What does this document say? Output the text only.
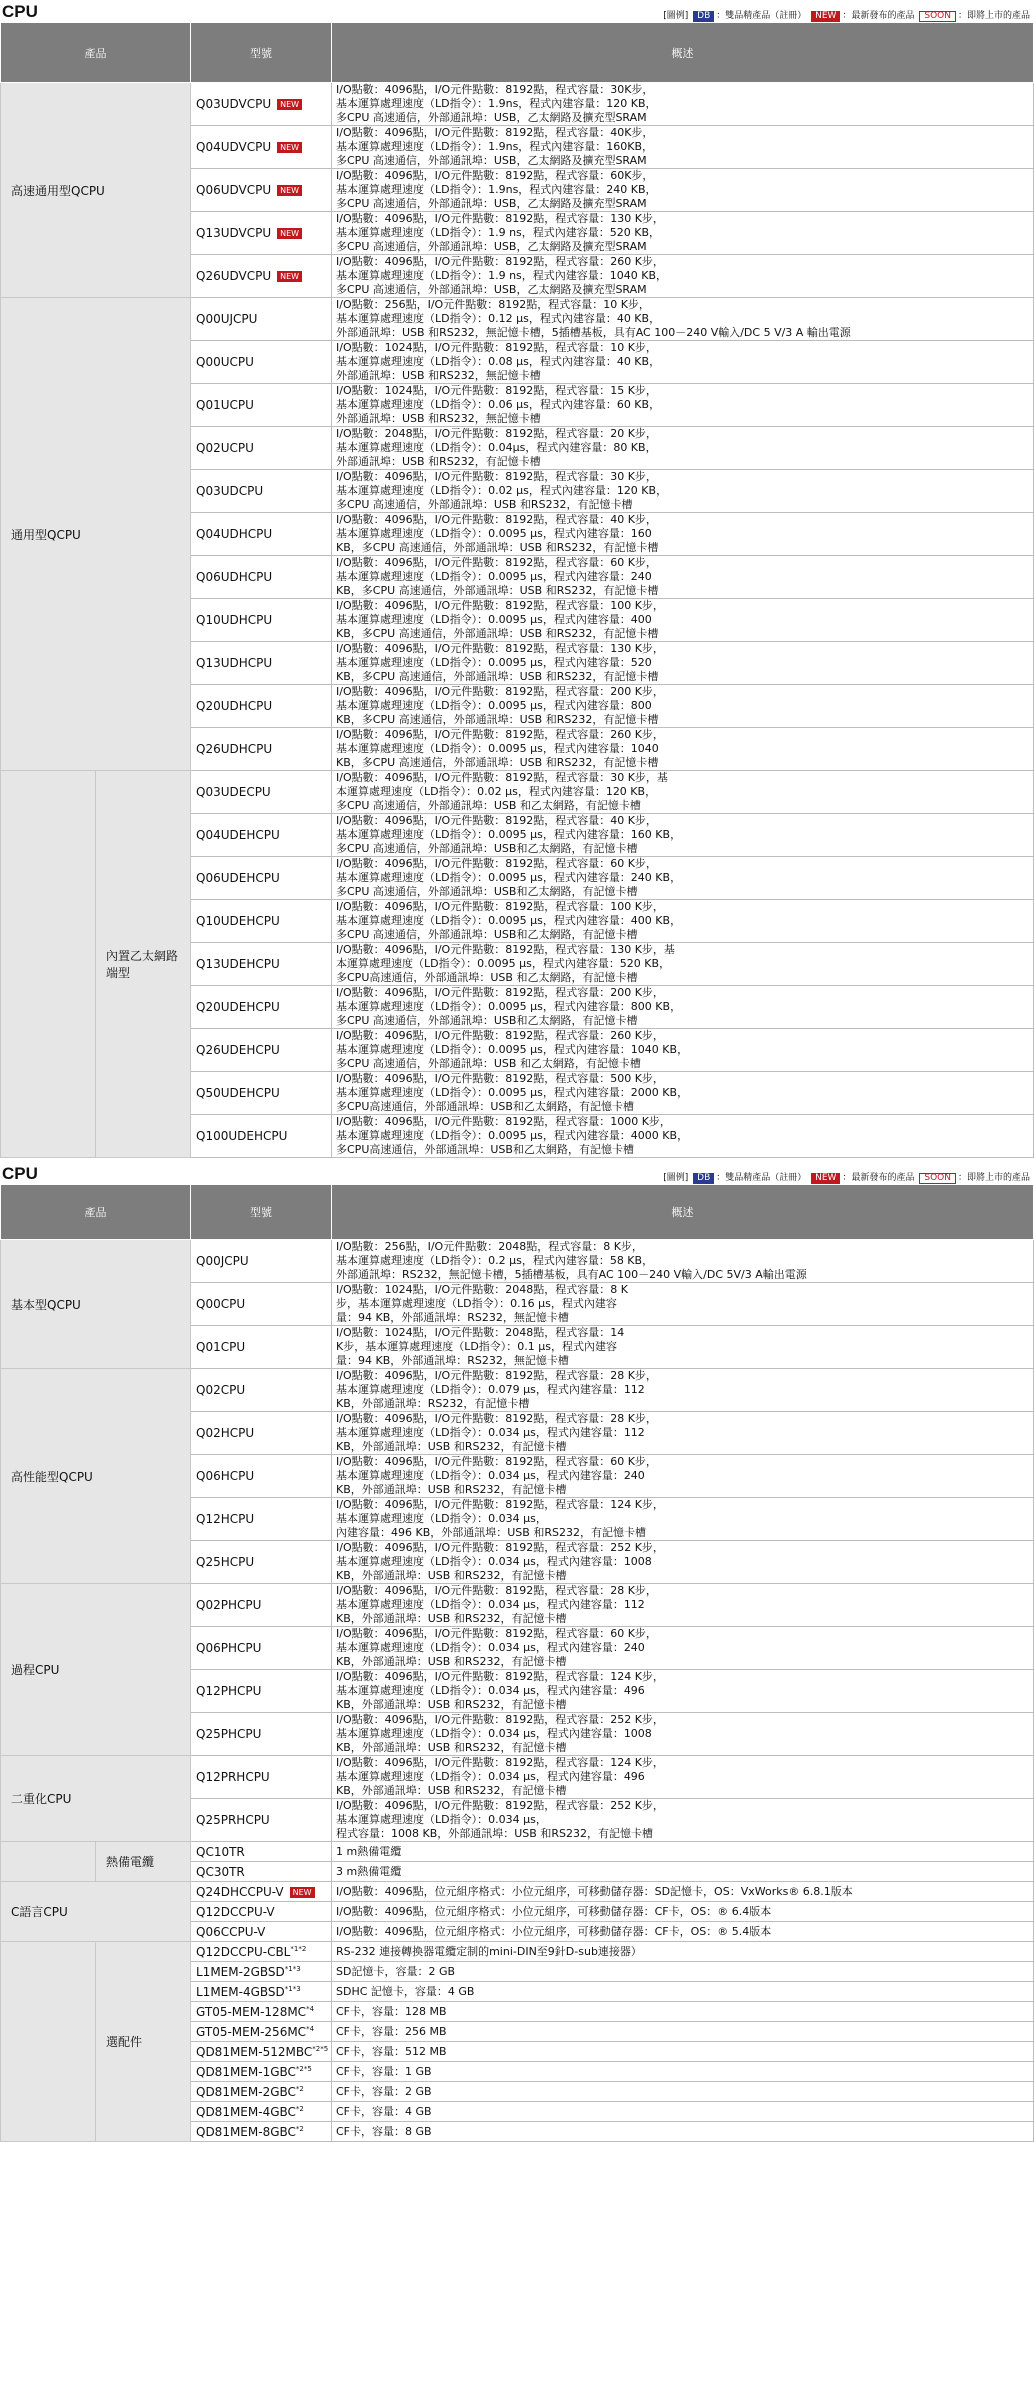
CPU	[圖例] DB ：雙品精產品（註冊） NEW ：最新發布的產品 SOON ：即將上市的產品
產品		型號	概述
高速通用型QCPU		Q03UDVCPU NEW	I/O點數：4096點，I/O元件點數：8192點，程式容量：30K步，
基本運算處理速度（LD指令）：1.9ns，程式內建容量：120 KB，
多CPU 高速通信，外部通訊埠：USB，乙太網路及擴充型SRAM

		Q04UDVCPU NEW	I/O點數：4096點，I/O元件點數：8192點，程式容量：40K步，
基本運算處理速度（LD指令）：1.9ns，程式內建容量：160KB，
多CPU 高速通信，外部通訊埠：USB，乙太網路及擴充型SRAM

		Q06UDVCPU NEW	I/O點數：4096點，I/O元件點數：8192點，程式容量：60K步，
基本運算處理速度（LD指令）：1.9ns，程式內建容量：240 KB，
多CPU 高速通信，外部通訊埠：USB，乙太網路及擴充型SRAM

		Q13UDVCPU NEW	I/O點數：4096點，I/O元件點數：8192點，程式容量：130 K步，
基本運算處理速度（LD指令）：1.9 ns，程式內建容量：520 KB，
多CPU 高速通信，外部通訊埠：USB，乙太網路及擴充型SRAM

		Q26UDVCPU NEW	I/O點數：4096點，I/O元件點數：8192點，程式容量：260 K步，
基本運算處理速度（LD指令）：1.9 ns，程式內建容量：1040 KB，
多CPU 高速通信，外部通訊埠：USB，乙太網路及擴充型SRAM

通用型QCPU		Q00UJCPU	I/O點數：256點，I/O元件點數：8192點，程式容量：10 K步，
基本運算處理速度（LD指令）：0.12 μs，程式內建容量：40 KB，
外部通訊埠：USB 和RS232，無記憶卡槽，5插槽基板，具有AC 100－240 V輸入/DC 5 V/3 A 輸出電源

		Q00UCPU	I/O點數：1024點，I/O元件點數：8192點，程式容量：10 K步，
基本運算處理速度（LD指令）：0.08 μs，程式內建容量：40 KB，
外部通訊埠：USB 和RS232，無記憶卡槽

		Q01UCPU	I/O點數：1024點，I/O元件點數：8192點，程式容量：15 K步，
基本運算處理速度（LD指令）：0.06 μs，程式內建容量：60 KB，
外部通訊埠：USB 和RS232，無記憶卡槽

		Q02UCPU	I/O點數：2048點，I/O元件點數：8192點，程式容量：20 K步，
基本運算處理速度（LD指令）：0.04μs，程式內建容量：80 KB，
外部通訊埠：USB 和RS232，有記憶卡槽

		Q03UDCPU	I/O點數：4096點，I/O元件點數：8192點，程式容量：30 K步，
基本運算處理速度（LD指令）：0.02 μs，程式內建容量：120 KB，
多CPU 高速通信，外部通訊埠：USB 和RS232，有記憶卡槽

		Q04UDHCPU	I/O點數：4096點，I/O元件點數：8192點，程式容量：40 K步，
基本運算處理速度（LD指令）：0.0095 μs，程式內建容量：160
KB，多CPU 高速通信，外部通訊埠：USB 和RS232，有記憶卡槽

		Q06UDHCPU	I/O點數：4096點，I/O元件點數：8192點，程式容量：60 K步，
基本運算處理速度（LD指令）：0.0095 μs，程式內建容量：240
KB，多CPU 高速通信，外部通訊埠：USB 和RS232，有記憶卡槽

		Q10UDHCPU	I/O點數：4096點，I/O元件點數：8192點，程式容量：100 K步，
基本運算處理速度（LD指令）：0.0095 μs，程式內建容量：400
KB，多CPU 高速通信，外部通訊埠：USB 和RS232，有記憶卡槽

		Q13UDHCPU	I/O點數：4096點，I/O元件點數：8192點，程式容量：130 K步，
基本運算處理速度（LD指令）：0.0095 μs，程式內建容量：520
KB，多CPU 高速通信，外部通訊埠：USB 和RS232，有記憶卡槽

		Q20UDHCPU	I/O點數：4096點，I/O元件點數：8192點，程式容量：200 K步，
基本運算處理速度（LD指令）：0.0095 μs，程式內建容量：800
KB，多CPU 高速通信，外部通訊埠：USB 和RS232，有記憶卡槽

		Q26UDHCPU	I/O點數：4096點，I/O元件點數：8192點，程式容量：260 K步，
基本運算處理速度（LD指令）：0.0095 μs，程式內建容量：1040
KB，多CPU 高速通信，外部通訊埠：USB 和RS232，有記憶卡槽

	內置乙太網路端型	Q03UDECPU	I/O點數：4096點，I/O元件點數：8192點，程式容量：30 K步，基
本運算處理速度（LD指令）：0.02 μs，程式內建容量：120 KB，
多CPU 高速通信，外部通訊埠：USB 和乙太網路，有記憶卡槽

		Q04UDEHCPU	I/O點數：4096點，I/O元件點數：8192點，程式容量：40 K步，
基本運算處理速度（LD指令）：0.0095 μs，程式內建容量：160 KB，
多CPU 高速通信，外部通訊埠：USB和乙太網路，有記憶卡槽

		Q06UDEHCPU	I/O點數：4096點，I/O元件點數：8192點，程式容量：60 K步，
基本運算處理速度（LD指令）：0.0095 μs，程式內建容量：240 KB，
多CPU 高速通信，外部通訊埠：USB和乙太網路，有記憶卡槽

		Q10UDEHCPU	I/O點數：4096點，I/O元件點數：8192點，程式容量：100 K步，
基本運算處理速度（LD指令）：0.0095 μs，程式內建容量：400 KB，
多CPU 高速通信，外部通訊埠：USB和乙太網路，有記憶卡槽

		Q13UDEHCPU	I/O點數：4096點，I/O元件點數：8192點，程式容量：130 K步，基
本運算處理速度（LD指令）：0.0095 μs，程式內建容量：520 KB，
多CPU高速通信，外部通訊埠：USB 和乙太網路，有記憶卡槽

		Q20UDEHCPU	I/O點數：4096點，I/O元件點數：8192點，程式容量：200 K步，
基本運算處理速度（LD指令）：0.0095 μs，程式內建容量：800 KB，
多CPU 高速通信，外部通訊埠：USB和乙太網路，有記憶卡槽

		Q26UDEHCPU	I/O點數：4096點，I/O元件點數：8192點，程式容量：260 K步，
基本運算處理速度（LD指令）：0.0095 μs，程式內建容量：1040 KB，
多CPU 高速通信，外部通訊埠：USB 和乙太網路，有記憶卡槽

		Q50UDEHCPU	I/O點數：4096點，I/O元件點數：8192點，程式容量：500 K步，
基本運算處理速度（LD指令）：0.0095 μs，程式內建容量：2000 KB，
多CPU高速通信，外部通訊埠：USB和乙太網路，有記憶卡槽

		Q100UDEHCPU	I/O點數：4096點，I/O元件點數：8192點，程式容量：1000 K步，
基本運算處理速度（LD指令）：0.0095 μs，程式內建容量：4000 KB，
多CPU高速通信，外部通訊埠：USB和乙太網路，有記憶卡槽
CPU	[圖例] DB ：雙品精產品（註冊） NEW ：最新發布的產品 SOON ：即將上市的產品
產品		型號	概述
基本型QCPU		Q00JCPU	I/O點數：256點，I/O元件點數：2048點，程式容量：8 K步，
基本運算處理速度（LD指令）：0.2 μs，程式內建容量：58 KB，
外部通訊埠：RS232，無記憶卡槽，5插槽基板，具有AC 100－240 V輸入/DC 5V/3 A輸出電源

		Q00CPU	I/O點數：1024點，I/O元件點數：2048點，程式容量：8 K
步，基本運算處理速度（LD指令）：0.16 μs，程式內建容
量：94 KB，外部通訊埠：RS232，無記憶卡槽

		Q01CPU	I/O點數：1024點，I/O元件點數：2048點，程式容量：14
K步，基本運算處理速度（LD指令）：0.1 μs，程式內建容
量：94 KB，外部通訊埠：RS232，無記憶卡槽

高性能型QCPU		Q02CPU	I/O點數：4096點，I/O元件點數：8192點，程式容量：28 K步，
基本運算處理速度（LD指令）：0.079 μs，程式內建容量：112
KB，外部通訊埠：RS232，有記憶卡槽

		Q02HCPU	I/O點數：4096點，I/O元件點數：8192點，程式容量：28 K步，
基本運算處理速度（LD指令）：0.034 μs，程式內建容量：112
KB，外部通訊埠：USB 和RS232，有記憶卡槽

		Q06HCPU	I/O點數：4096點，I/O元件點數：8192點，程式容量：60 K步，
基本運算處理速度（LD指令）：0.034 μs，程式內建容量：240
KB，外部通訊埠：USB 和RS232，有記憶卡槽

		Q12HCPU	I/O點數：4096點，I/O元件點數：8192點，程式容量：124 K步，
基本運算處理速度（LD指令）：0.034 μs，
內建容量：496 KB，外部通訊埠：USB 和RS232，有記憶卡槽

		Q25HCPU	I/O點數：4096點，I/O元件點數：8192點，程式容量：252 K步，
基本運算處理速度（LD指令）：0.034 μs，程式內建容量：1008
KB，外部通訊埠：USB 和RS232，有記憶卡槽

過程CPU		Q02PHCPU	I/O點數：4096點，I/O元件點數：8192點，程式容量：28 K步，
基本運算處理速度（LD指令）：0.034 μs，程式內建容量：112
KB，外部通訊埠：USB 和RS232，有記憶卡槽

		Q06PHCPU	I/O點數：4096點，I/O元件點數：8192點，程式容量：60 K步，
基本運算處理速度（LD指令）：0.034 μs，程式內建容量：240
KB，外部通訊埠：USB 和RS232，有記憶卡槽

		Q12PHCPU	I/O點數：4096點，I/O元件點數：8192點，程式容量：124 K步，
基本運算處理速度（LD指令）：0.034 μs，程式內建容量：496
KB，外部通訊埠：USB 和RS232，有記憶卡槽

		Q25PHCPU	I/O點數：4096點，I/O元件點數：8192點，程式容量：252 K步，
基本運算處理速度（LD指令）：0.034 μs，程式內建容量：1008
KB，外部通訊埠：USB 和RS232，有記憶卡槽

二重化CPU		Q12PRHCPU	I/O點數：4096點，I/O元件點數：8192點，程式容量：124 K步，
基本運算處理速度（LD指令）：0.034 μs，程式內建容量：496
KB，外部通訊埠：USB 和RS232，有記憶卡槽

		Q25PRHCPU	I/O點數：4096點，I/O元件點數：8192點，程式容量：252 K步，
基本運算處理速度（LD指令）：0.034 μs，
程式容量：1008 KB，外部通訊埠：USB 和RS232，有記憶卡槽

	熱備電纜	QC10TR	1 m熱備電纜

		QC30TR	3 m熱備電纜

C語言CPU		Q24DHCCPU-V NEW	I/O點數：4096點，位元組序格式：小位元組序，可移動儲存器：SD記憶卡，OS：VxWorks® 6.8.1版本

		Q12DCCPU-V	I/O點數：4096點，位元組序格式：小位元組序，可移動儲存器：CF卡，OS：® 6.4版本

		Q06CCPU-V	I/O點數：4096點，位元組序格式：小位元組序，可移動儲存器：CF卡，OS：® 5.4版本

	選配件	$Q12DCCPU-CBL^{*1*2}$	RS-232 連接轉換器電纜定制的mini-DIN至9針D-sub連接器）

		$L1MEM-2GBSD^{*1*3}$	SD記憶卡，容量：2 GB

		$L1MEM-4GBSD^{*1*3}$	SDHC 記憶卡，容量：4 GB

		GT05-MEM-128MC$^{*4}$	CF卡，容量：128 MB

		GT05-MEM-256MC$^{*4}$	CF卡，容量：256 MB

		$QD81MEM-512MBC^{*2*5}$	CF卡，容量：512 MB

		$QD81MEM-1GBC^{*2*5}$	CF卡，容量：1 GB

		QD81MEM-2GBC$^{*2}$	CF卡，容量：2 GB

		QD81MEM-4GBC$^{*2}$	CF卡，容量：4 GB

		QD81MEM-8GBC$^{*2}$	CF卡，容量：8 GB
